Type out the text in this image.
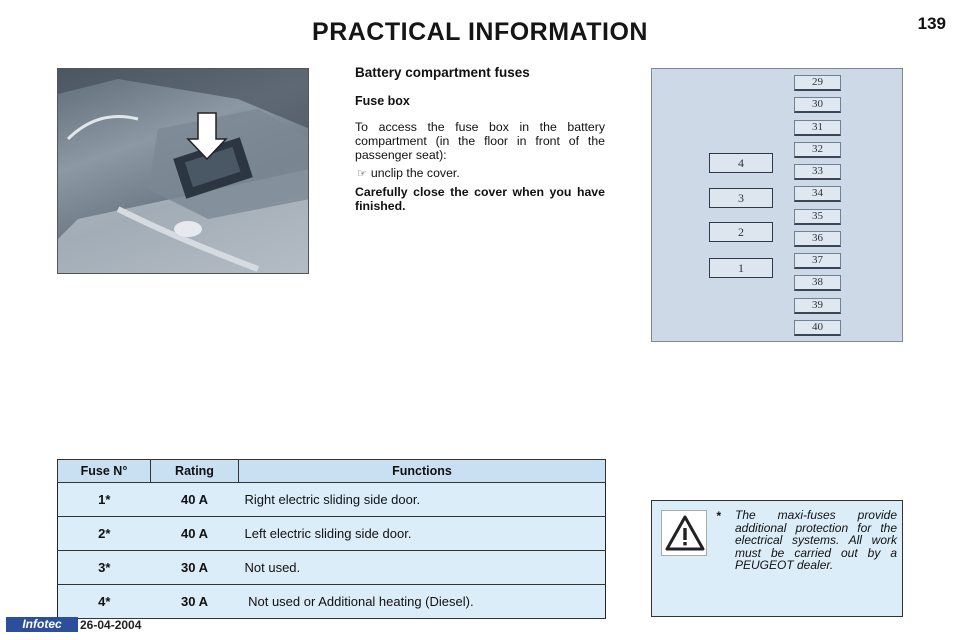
PRACTICAL INFORMATION	139
Battery compartment fuses
Fuse box
To access the fuse box in the battery compartment (in the floor in front of the passenger seat):
☞ unclip the cover.
Carefully close the cover when you have finished.
4
3
2
1
29
30
31
32
33
34
35
36
37
38
39
40
Fuse N°	Rating	Functions
1*	40 A	Right electric sliding side door.
2*	40 A	Left electric sliding side door.
3*	30 A	Not used.
4*	30 A	Not used or Additional heating (Diesel).
* The maxi-fuses provide additional protection for the electrical systems. All work must be carried out by a PEUGEOT dealer.
Infotec	26-04-2004
